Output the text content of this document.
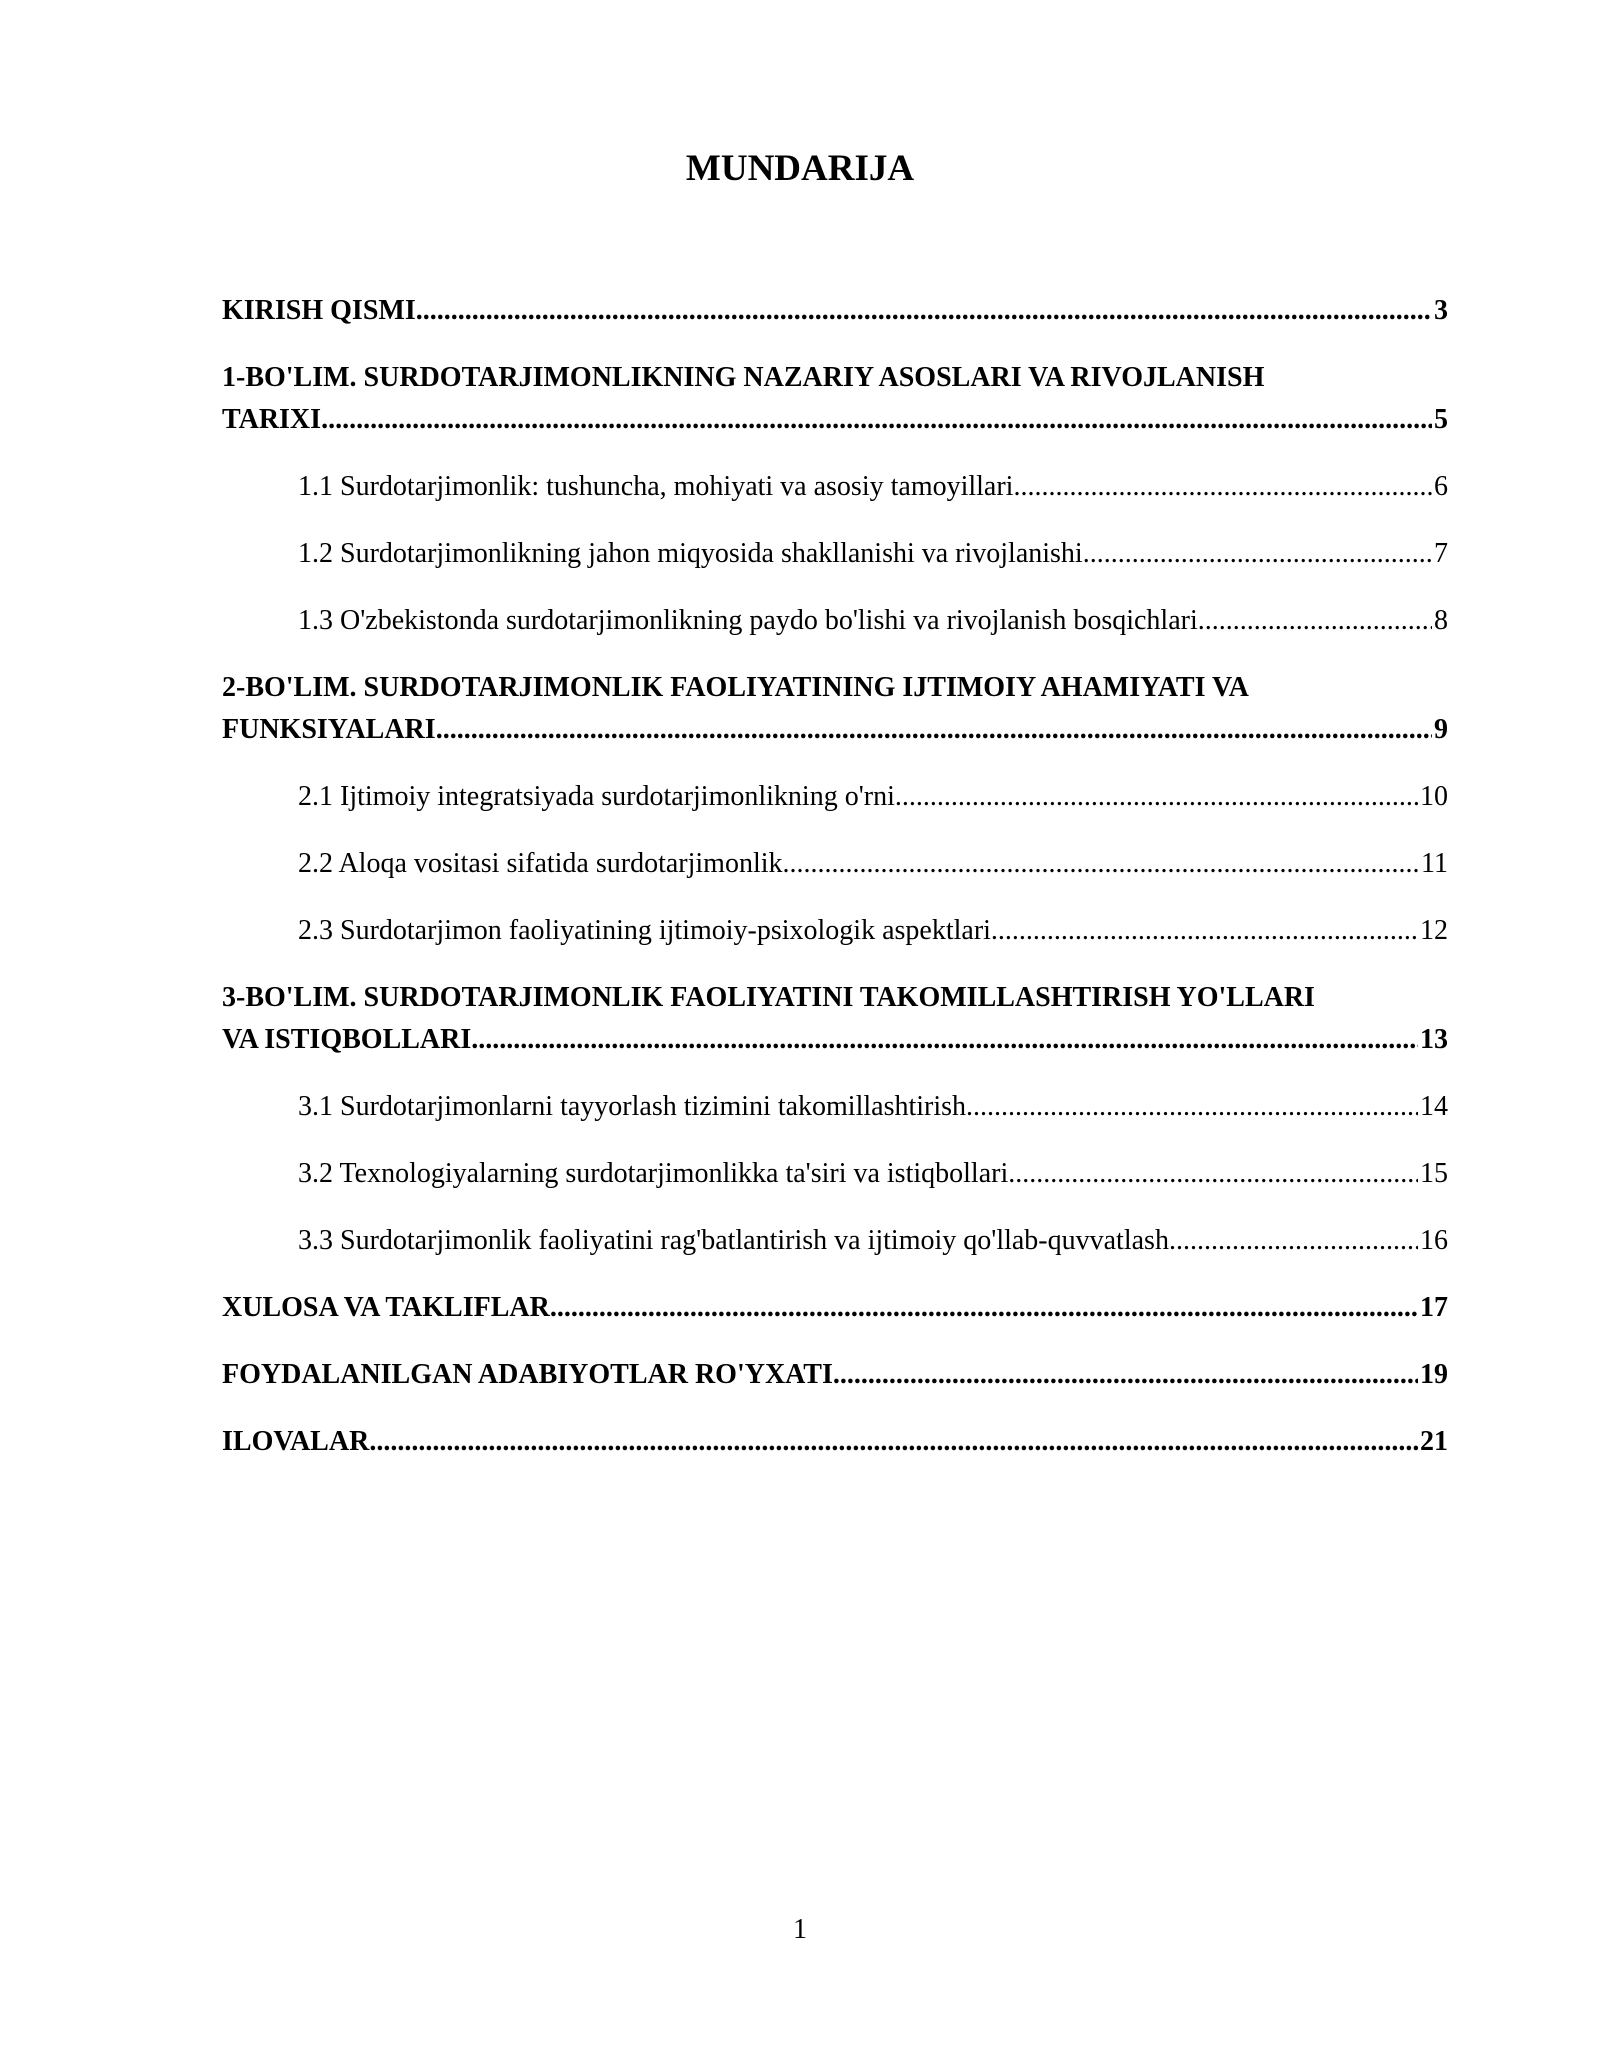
MUNDARIJA
KIRISH QISMI .....	3
1-BO'LIM. SURDOTARJIMONLIKNING NAZARIY ASOSLARI VA RIVOJLANISH
TARIXI .....	5
1.1 Surdotarjimonlik: tushuncha, mohiyati va asosiy tamoyillari .....	6
1.2 Surdotarjimonlikning jahon miqyosida shakllanishi va rivojlanishi .....	7
1.3 O'zbekistonda surdotarjimonlikning paydo bo'lishi va rivojlanish bosqichlari .....	8
2-BO'LIM. SURDOTARJIMONLIK FAOLIYATINING IJTIMOIY AHAMIYATI VA
FUNKSIYALARI .....	9
2.1 Ijtimoiy integratsiyada surdotarjimonlikning o'rni .....	10
2.2 Aloqa vositasi sifatida surdotarjimonlik .....	11
2.3 Surdotarjimon faoliyatining ijtimoiy-psixologik aspektlari .....	12
3-BO'LIM. SURDOTARJIMONLIK FAOLIYATINI TAKOMILLASHTIRISH YO'LLARI
VA ISTIQBOLLARI .....	13
3.1 Surdotarjimonlarni tayyorlash tizimini takomillashtirish .....	14
3.2 Texnologiyalarning surdotarjimonlikka ta'siri va istiqbollari .....	15
3.3 Surdotarjimonlik faoliyatini rag'batlantirish va ijtimoiy qo'llab-quvvatlash .....	16
XULOSA VA TAKLIFLAR .....	17
FOYDALANILGAN ADABIYOTLAR RO'YXATI .....	19
ILOVALAR .....	21
1
